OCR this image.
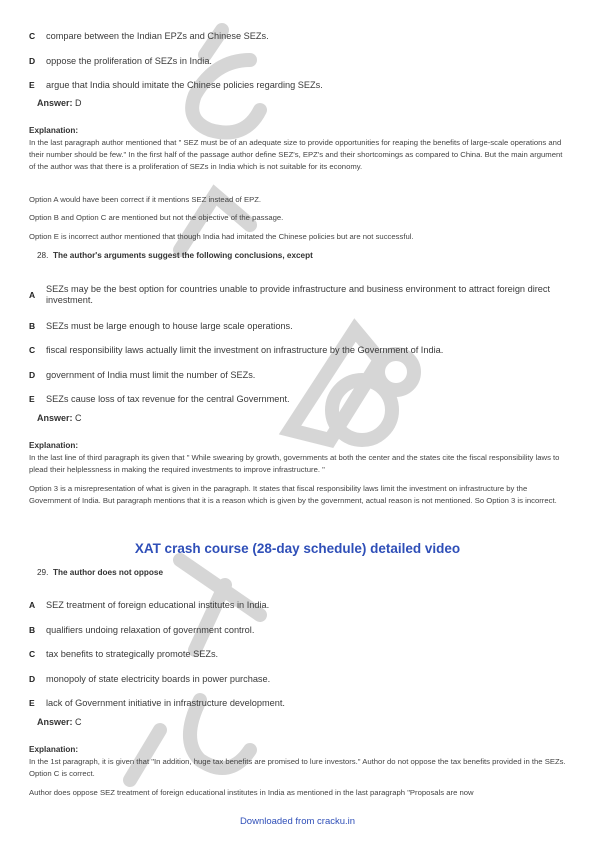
C compare between the Indian EPZs and Chinese SEZs.
D oppose the proliferation of SEZs in India.
E argue that India should imitate the Chinese policies regarding SEZs.
Answer: D
Explanation:
In the last paragraph author mentioned that " SEZ must be of an adequate size to provide opportunities for reaping the benefits of large-scale operations and their number should be few." In the first half of the passage author define SEZ's, EPZ's and their shortcomings as compared to China. But the main argument of the author was that there is a proliferation of SEZs in India which is not suitable for its economy.
Option A would have been correct if it mentions SEZ instead of EPZ.
Option B and Option C are mentioned but not the objective of the passage.
Option E is incorrect author mentioned that though India had imitated the Chinese policies but are not successful.
28. The author's arguments suggest the following conclusions, except
ASEZs may be the best option for countries unable to provide infrastructure and business environment to attract foreign direct investment.
B SEZs must be large enough to house large scale operations.
C fiscal responsibility laws actually limit the investment on infrastructure by the Government of India.
D government of India must limit the number of SEZs.
E SEZs cause loss of tax revenue for the central Government.
Answer: C
Explanation:
In the last line of third paragraph its given that " While swearing by growth, governments at both the center and the states cite the fiscal responsibility laws to plead their helplessness in making the required investments to improve infrastructure. "
Option 3 is a misrepresentation of what is given in the paragraph. It states that fiscal responsibility laws limit the investment on infrastructure by the Government of India. But paragraph mentions that it is a reason which is given by the government, actual reason is not mentioned. So Option 3 is incorrect.
XAT crash course (28-day schedule) detailed video
29. The author does not oppose
A SEZ treatment of foreign educational institutes in India.
B qualifiers undoing relaxation of government control.
C tax benefits to strategically promote SEZs.
D monopoly of state electricity boards in power purchase.
E lack of Government initiative in infrastructure development.
Answer: C
Explanation:
In the 1st paragraph, it is given that "In addition, huge tax benefits are promised to lure investors." Author do not oppose the tax benefits provided in the SEZs. Option C is correct.
Author does oppose SEZ treatment of foreign educational institutes in India as mentioned in the last paragraph "Proposals are now
Downloaded from cracku.in
